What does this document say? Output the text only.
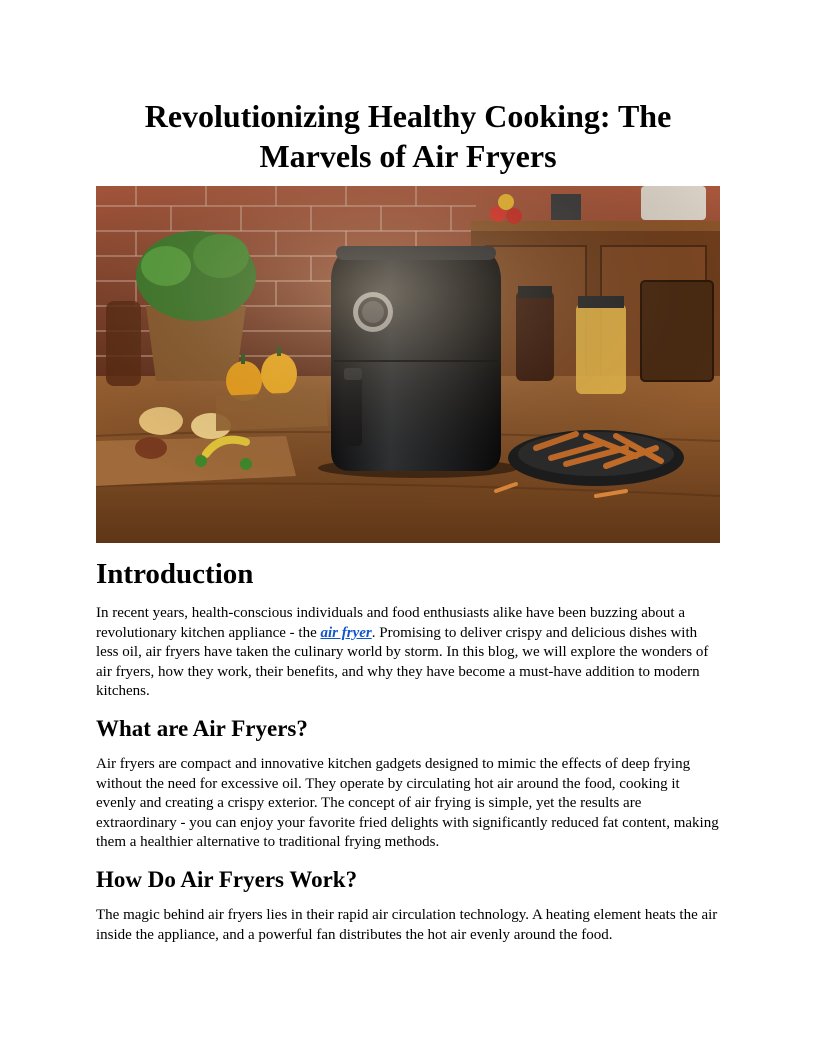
Revolutionizing Healthy Cooking: The Marvels of Air Fryers
Introduction

In recent years, health-conscious individuals and food enthusiasts alike have been buzzing about a revolutionary kitchen appliance - the air fryer. Promising to deliver crispy and delicious dishes with less oil, air fryers have taken the culinary world by storm. In this blog, we will explore the wonders of air fryers, how they work, their benefits, and why they have become a must-have addition to modern kitchens.

What are Air Fryers?

Air fryers are compact and innovative kitchen gadgets designed to mimic the effects of deep frying without the need for excessive oil. They operate by circulating hot air around the food, cooking it evenly and creating a crispy exterior. The concept of air frying is simple, yet the results are extraordinary - you can enjoy your favorite fried delights with significantly reduced fat content, making them a healthier alternative to traditional frying methods.

How Do Air Fryers Work?

The magic behind air fryers lies in their rapid air circulation technology. A heating element heats the air inside the appliance, and a powerful fan distributes the hot air evenly around the food.
